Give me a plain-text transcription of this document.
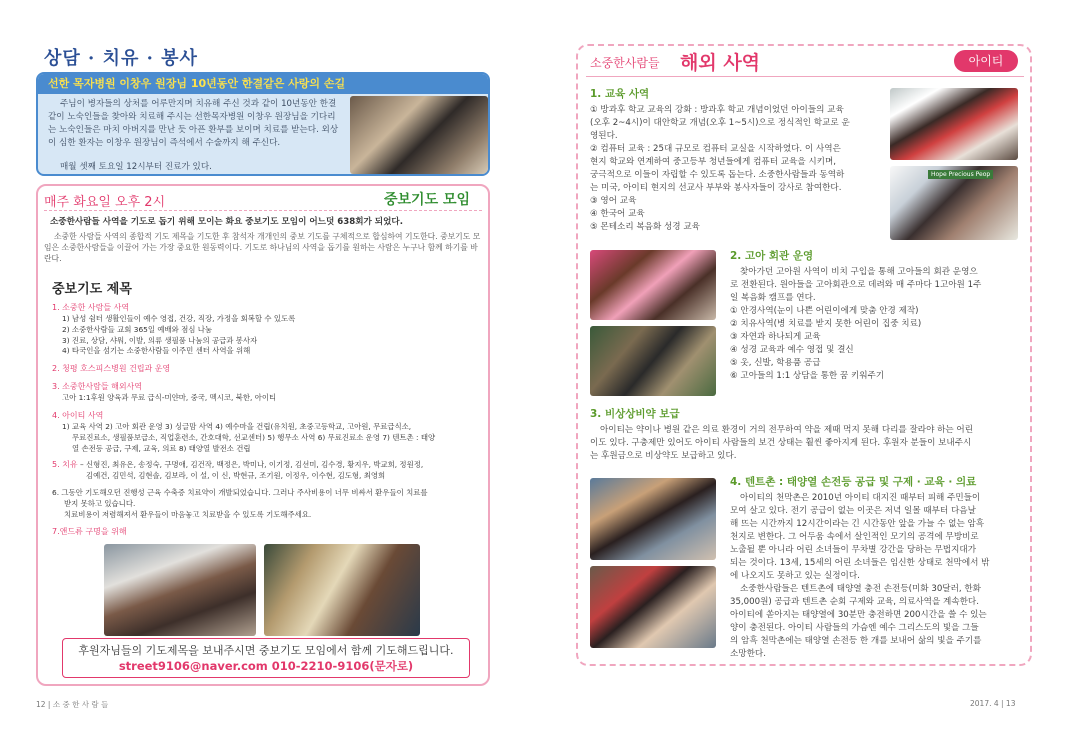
상담 · 치유 · 봉사
선한 목자병원 이창우 원장님 10년동안 한결같은 사랑의 손길
주님이 병자들의 상처를 어루만지며 치유해 주신 것과 같이 10년동안 한결같이 노숙인들을 찾아와 치료해 주시는 선한목자병원 이창우 원장님을 기다리는 노숙인들은 마치 아버지를 만난 듯 아픈 환부를 보이며 치료를 받는다. 외상이 심한 환자는 이창우 원장님이 즉석에서 수술까지 해 주신다.
매월 셋째 토요일 12시부터 진료가 있다.
매주 화요일 오후 2시	중보기도 모임
소중한사람들 사역을 기도로 돕기 위해 모이는 화요 중보기도 모임이 어느덧 638회가 되었다.
소중한 사람들 사역의 종합적 기도 제목을 기도한 후 참석자 개개인의 중보 기도를 구체적으로 합심하여 기도한다. 중보기도 모임은 소중한사람들을 이끌어 가는 가장 중요한 원동력이다. 기도로 하나님의 사역을 돕기를 원하는 사람은 누구나 함께 하기를 바란다.
중보기도 제목
1. 소중한 사람들 사역
1) 남성 쉼터 생활인들이 예수 영접, 건강, 직장, 가정을 회복할 수 있도록
2) 소중한사람들 교회 365일 예배와 점심 나눔
3) 진료, 상담, 샤워, 이발, 의류 생필품 나눔의 공급과 봉사자
4) 타국인을 섬기는 소중한사람들 이주민 센터 사역을 위해
2. 청평 호스피스병원 건립과 운영
3. 소중한사람들 해외사역
고아 1:1후원 양육과 무료 급식-미얀마, 중국, 멕시코, 북한, 아이티
4. 아이티 사역
1) 교육 사역 2) 고아 회관 운영 3) 싱글맘 사역 4) 예수마을 건립(유치원, 초중고등학교, 고아원, 무료급식소,
무료진료소, 생필품보급소, 직업훈련소, 간호대학, 선교센터) 5) 행무소 사역 6) 무료진료소 운영 7) 텐트촌 : 태양
열 손전등 공급, 구제, 교육, 의료 8) 태양열 발전소 건립
5. 치유 – 신형진, 최유온, 송정숙, 구명애, 김건작, 백정은, 박미나, 이기정, 김선미, 김수경, 황지우, 박교희, 정원정,
김예건, 김민석, 김현솔, 김보라, 이 설, 이 신, 박현규, 조기원, 이정우, 이수현, 김도형, 최영희
6. 그동안 기도해오던 진행성 근육 수축증 치료약이 개발되었습니다. 그러나 주사비용이 너무 비싸서 환우들이 치료를
받지 못하고 있습니다.
치료비용이 저렴해져서 환우들이 마음놓고 치료받을 수 있도록 기도해주세요.
7.앤드류 구명을 위해
후원자님들의 기도제목을 보내주시면 중보기도 모임에서 함께 기도해드립니다.
street9106@naver.com 010-2210-9106(문자로)
12 | 소 중 한 사 람 들
소중한사람들 해외 사역	아이티
1. 교육 사역
① 방과후 학교 교육의 강화 : 방과후 학교 개념이었던 아이들의 교육
(오후 2~4시)이 대안학교 개념(오후 1~5시)으로 정식적인 학교로 운
영된다.
② 컴퓨터 교육 : 25대 규모로 컴퓨터 교실을 시작하였다. 이 사역은
현지 학교와 연계하여 중고등부 청년들에게 컴퓨터 교육을 시키며,
궁극적으로 이들이 자립할 수 있도록 돕는다. 소중한사람들과 동역하
는 미국, 아이티 현지의 선교사 부부와 봉사자들이 강사로 참여한다.
③ 영어 교육
④ 한국어 교육
⑤ 몬테소리 복음화 성경 교육
Hope Precious Peop
2. 고아 회관 운영
찾아가던 고아원 사역이 비치 구입을 통해 고아들의 회관 운영으
로 전환된다. 원아들을 고아회관으로 데려와 매 주마다 1고아원 1주
일 복음화 캠프를 연다.
① 안경사역(눈이 나쁜 어린이에게 맞춤 안경 제작)
② 치유사역(병 치료를 받지 못한 어린이 집중 치료)
③ 자연과 하나되게 교육
④ 성경 교육과 예수 영접 및 결신
⑤ 옷, 신발, 학용품 공급
⑥ 고아들의 1:1 상담을 통한 꿈 키워주기
3. 비상상비약 보급
아이티는 약이나 병원 같은 의료 환경이 거의 전무하여 약을 제때 먹지 못해 다리를 잘라야 하는 어린
이도 있다. 구충제만 있어도 아이티 사람들의 보건 상태는 훨씬 좋아지게 된다. 후원자 분들이 보내주시
는 후원금으로 비상약도 보급하고 있다.
4. 텐트촌 : 태양열 손전등 공급 및 구제 · 교육 · 의료
아이티의 천막촌은 2010년 아이티 대지진 때부터 피해 주민들이
모여 살고 있다. 전기 공급이 없는 이곳은 저녁 일몰 때부터 다음날
해 뜨는 시간까지 12시간이라는 긴 시간동안 앞을 가늘 수 없는 암흑
천지로 변한다. 그 어두움 속에서 살인적인 모기의 공격에 무방비로
노출될 뿐 아니라 어린 소녀들이 무차별 강간을 당하는 무법지대가
되는 것이다. 13세, 15세의 어린 소녀들은 임신한 상태로 천막에서 밖
에 나오지도 못하고 있는 실정이다.
소중한사람들은 텐트촌에 태양열 충전 손전등(미화 30달러, 한화
35,000원) 공급과 텐트촌 순회 구제와 교육, 의료사역을 계속한다.
아이티에 쏟아지는 태양열에 30분만 충전하면 200시간을 쓸 수 있는
양이 충전된다. 아이티 사람들의 가슴엔 예수 그리스도의 빛을 그들
의 암흑 천막촌에는 태양열 손전등 한 개를 보내어 삶의 빛을 주기를
소망한다.
2017. 4 | 13
